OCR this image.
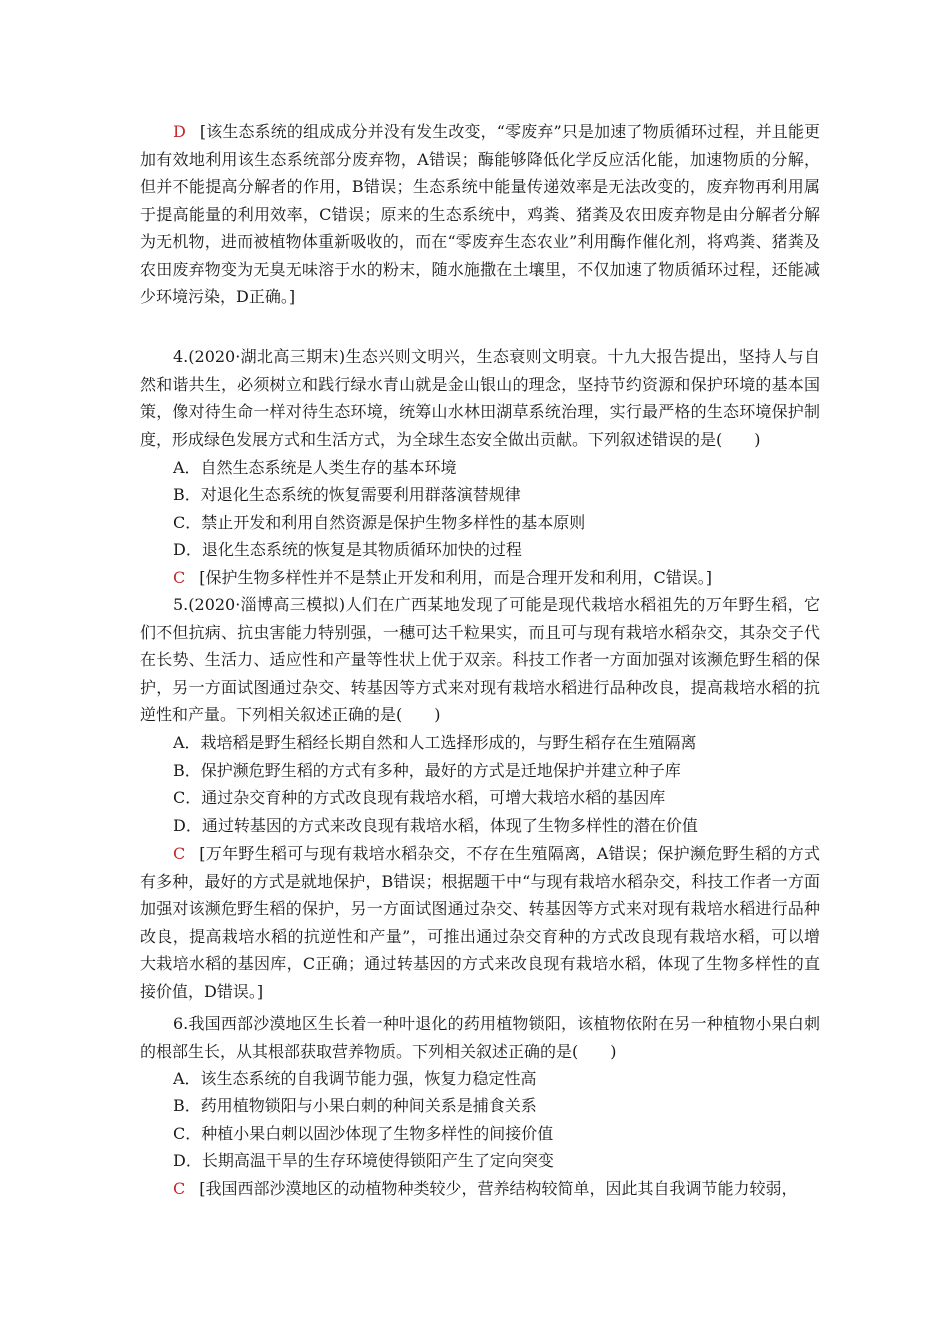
D [该生态系统的组成成分并没有发生改变，“零废弃”只是加速了物质循环过程，并且能更加有效地利用该生态系统部分废弃物，A错误；酶能够降低化学反应活化能，加速物质的分解，但并不能提高分解者的作用，B错误；生态系统中能量传递效率是无法改变的，废弃物再利用属于提高能量的利用效率，C错误；原来的生态系统中，鸡粪、猪粪及农田废弃物是由分解者分解为无机物，进而被植物体重新吸收的，而在“零废弃生态农业”利用酶作催化剂，将鸡粪、猪粪及农田废弃物变为无臭无味溶于水的粉末，随水施撒在土壤里，不仅加速了物质循环过程，还能减少环境污染，D正确。]

4.(2020·湖北高三期末)生态兴则文明兴，生态衰则文明衰。十九大报告提出，坚持人与自然和谐共生，必须树立和践行绿水青山就是金山银山的理念，坚持节约资源和保护环境的基本国策，像对待生命一样对待生态环境，统筹山水林田湖草系统治理，实行最严格的生态环境保护制度，形成绿色发展方式和生活方式，为全球生态安全做出贡献。下列叙述错误的是(　　)

A．自然生态系统是人类生存的基本环境

B．对退化生态系统的恢复需要利用群落演替规律

C．禁止开发和利用自然资源是保护生物多样性的基本原则

D．退化生态系统的恢复是其物质循环加快的过程

C [保护生物多样性并不是禁止开发和利用，而是合理开发和利用，C错误。]

5.(2020·淄博高三模拟)人们在广西某地发现了可能是现代栽培水稻祖先的万年野生稻，它们不但抗病、抗虫害能力特别强，一穗可达千粒果实，而且可与现有栽培水稻杂交，其杂交子代在长势、生活力、适应性和产量等性状上优于双亲。科技工作者一方面加强对该濒危野生稻的保护，另一方面试图通过杂交、转基因等方式来对现有栽培水稻进行品种改良，提高栽培水稻的抗逆性和产量。下列相关叙述正确的是(　　)

A．栽培稻是野生稻经长期自然和人工选择形成的，与野生稻存在生殖隔离

B．保护濒危野生稻的方式有多种，最好的方式是迁地保护并建立种子库

C．通过杂交育种的方式改良现有栽培水稻，可增大栽培水稻的基因库

D．通过转基因的方式来改良现有栽培水稻，体现了生物多样性的潜在价值

C [万年野生稻可与现有栽培水稻杂交，不存在生殖隔离，A错误；保护濒危野生稻的方式有多种，最好的方式是就地保护，B错误；根据题干中“与现有栽培水稻杂交，科技工作者一方面加强对该濒危野生稻的保护，另一方面试图通过杂交、转基因等方式来对现有栽培水稻进行品种改良，提高栽培水稻的抗逆性和产量”，可推出通过杂交育种的方式改良现有栽培水稻，可以增大栽培水稻的基因库，C正确；通过转基因的方式来改良现有栽培水稻，体现了生物多样性的直接价值，D错误。]

6.我国西部沙漠地区生长着一种叶退化的药用植物锁阳，该植物依附在另一种植物小果白刺的根部生长，从其根部获取营养物质。下列相关叙述正确的是(　　)

A．该生态系统的自我调节能力强，恢复力稳定性高

B．药用植物锁阳与小果白刺的种间关系是捕食关系

C．种植小果白刺以固沙体现了生物多样性的间接价值

D．长期高温干旱的生存环境使得锁阳产生了定向突变

C [我国西部沙漠地区的动植物种类较少，营养结构较简单，因此其自我调节能力较弱，
